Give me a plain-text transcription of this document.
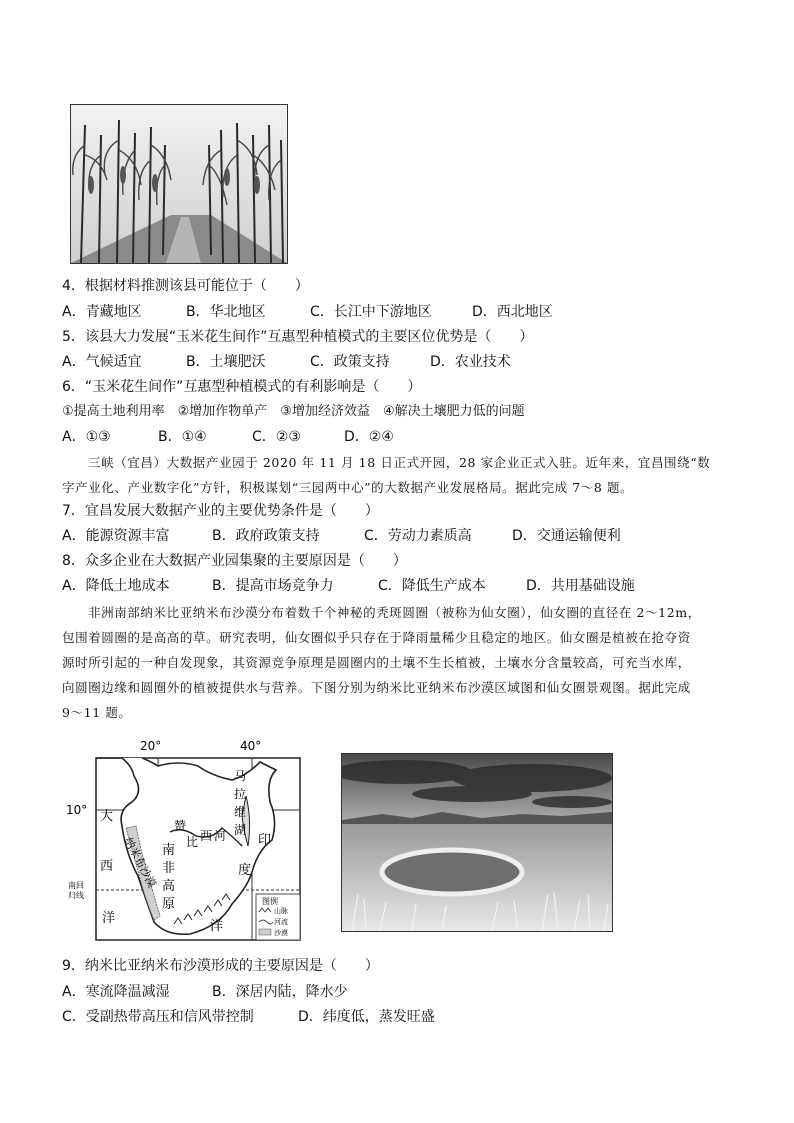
4．根据材料推测该县可能位于（　　）
A．青藏地区	B．华北地区	C．长江中下游地区	D．西北地区
5．该县大力发展“玉米花生间作”互惠型种植模式的主要区位优势是（　　）
A．气候适宜	B．土壤肥沃	C．政策支持	D．农业技术
6．“玉米花生间作”互惠型种植模式的有利影响是（　　）
①提高土地利用率　②增加作物单产　③增加经济效益　④解决土壤肥力低的问题
A．①③	B．①④	C．②③	D．②④
三峡（宜昌）大数据产业园于 2020 年 11 月 18 日正式开园，28 家企业正式入驻。近年来，宜昌围绕“数
字产业化、产业数字化”方针，积极谋划“三园两中心”的大数据产业发展格局。据此完成 7～8 题。
7．宜昌发展大数据产业的主要优势条件是（　　）
A．能源资源丰富	B．政府政策支持	C．劳动力素质高	D．交通运输便利
8．众多企业在大数据产业园集聚的主要原因是（　　）
A．降低土地成本	B．提高市场竞争力	C．降低生产成本	D．共用基础设施
非洲南部纳米比亚纳米布沙漠分布着数千个神秘的秃斑圆圈（被称为仙女圈），仙女圈的直径在 2～12m，
包围着圆圈的是高高的草。研究表明，仙女圈似乎只存在于降雨量稀少且稳定的地区。仙女圈是植被在抢夺资
源时所引起的一种自发现象，其资源竞争原理是圆圈内的土壤不生长植被，土壤水分含量较高，可充当水库，
向圆圈边缘和圆圈外的植被提供水与营养。下图分别为纳米比亚纳米布沙漠区域图和仙女圈景观图。据此完成
9～11 题。
20°	40°
10°
南回
归线
大
西
洋
纳米布沙漠 南
非
高
原
赞
比 西 河
马
拉
维
湖
印
度
洋
图例
山脉
河流
沙漠
9．纳米比亚纳米布沙漠形成的主要原因是（　　）
A．寒流降温减湿	B．深居内陆，降水少
C．受副热带高压和信风带控制	D．纬度低，蒸发旺盛
